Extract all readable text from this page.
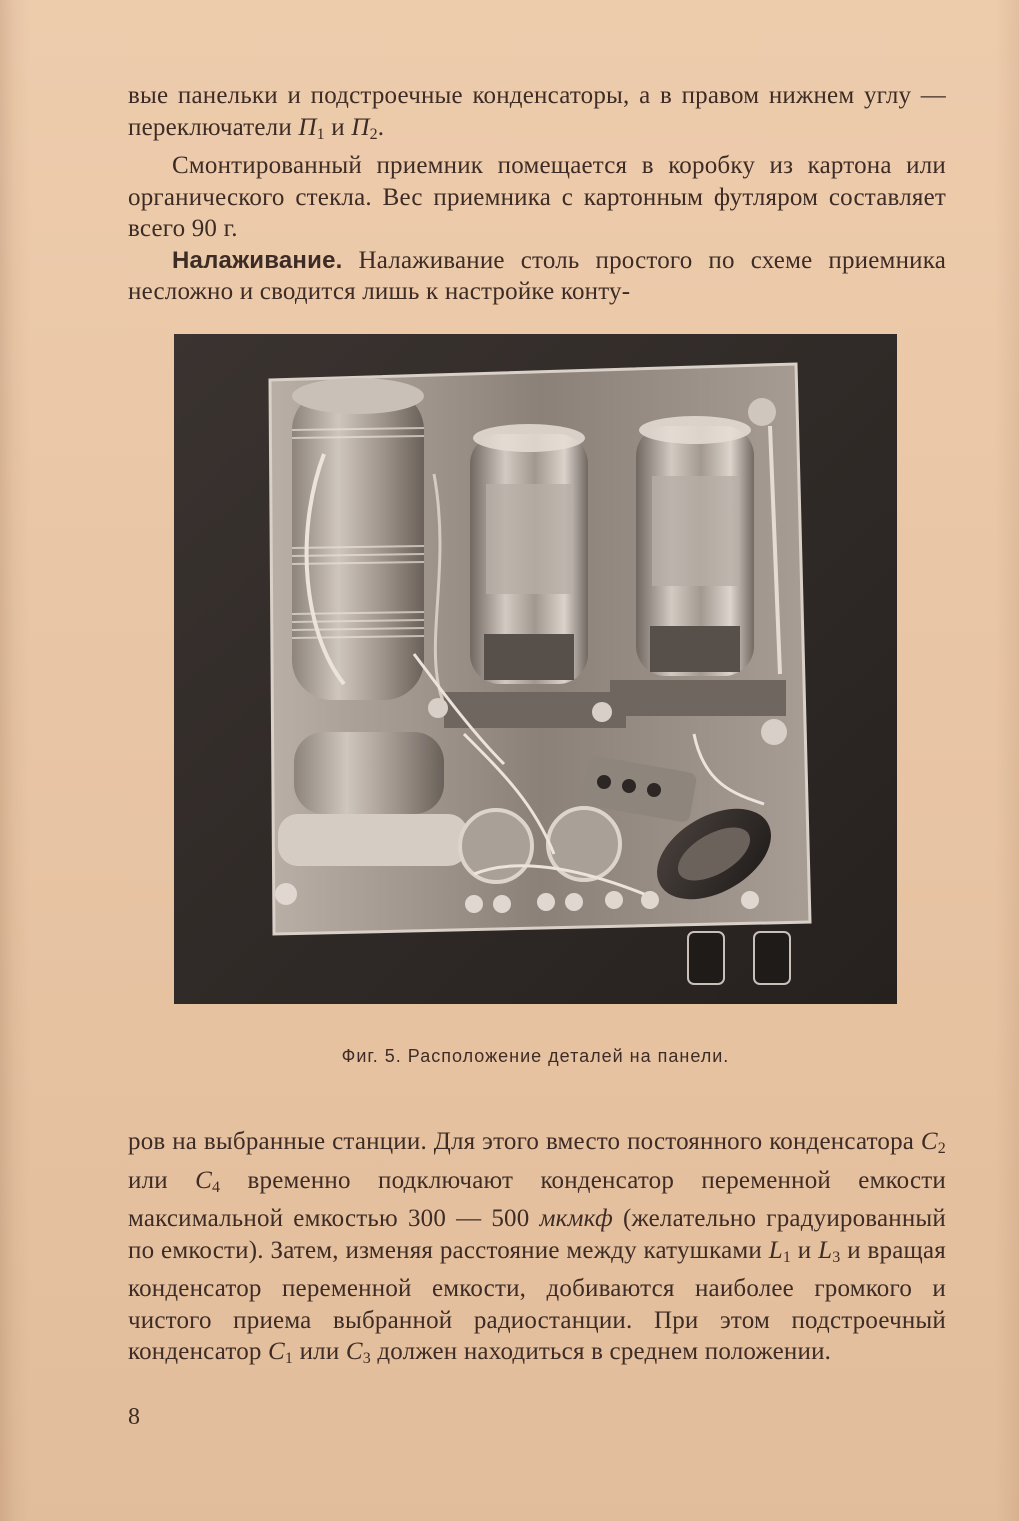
вые панельки и подстроечные конденсаторы, а в правом нижнем углу — переключатели $П_1$ и $П_2$.

Смонтированный приемник помещается в коробку из картона или органического стекла. Вес приемника с картонным футляром составляет всего 90 г.

Налаживание. Налаживание столь простого по схеме приемника несложно и сводится лишь к настройке конту-

Фиг. 5. Расположение деталей на панели.

ров на выбранные станции. Для этого вместо постоянного конденсатора $C_2$ или $C_4$ временно подключают конденсатор переменной емкости максимальной емкостью 300 — 500 мкмкф (желательно градуированный по емкости). Затем, изменяя расстояние между катушками $L_1$ и $L_3$ и вращая конденсатор переменной емкости, добиваются наиболее громкого и чистого приема выбранной радиостанции. При этом подстроечный конденсатор $C_1$ или $C_3$ должен находиться в среднем положении.

8
